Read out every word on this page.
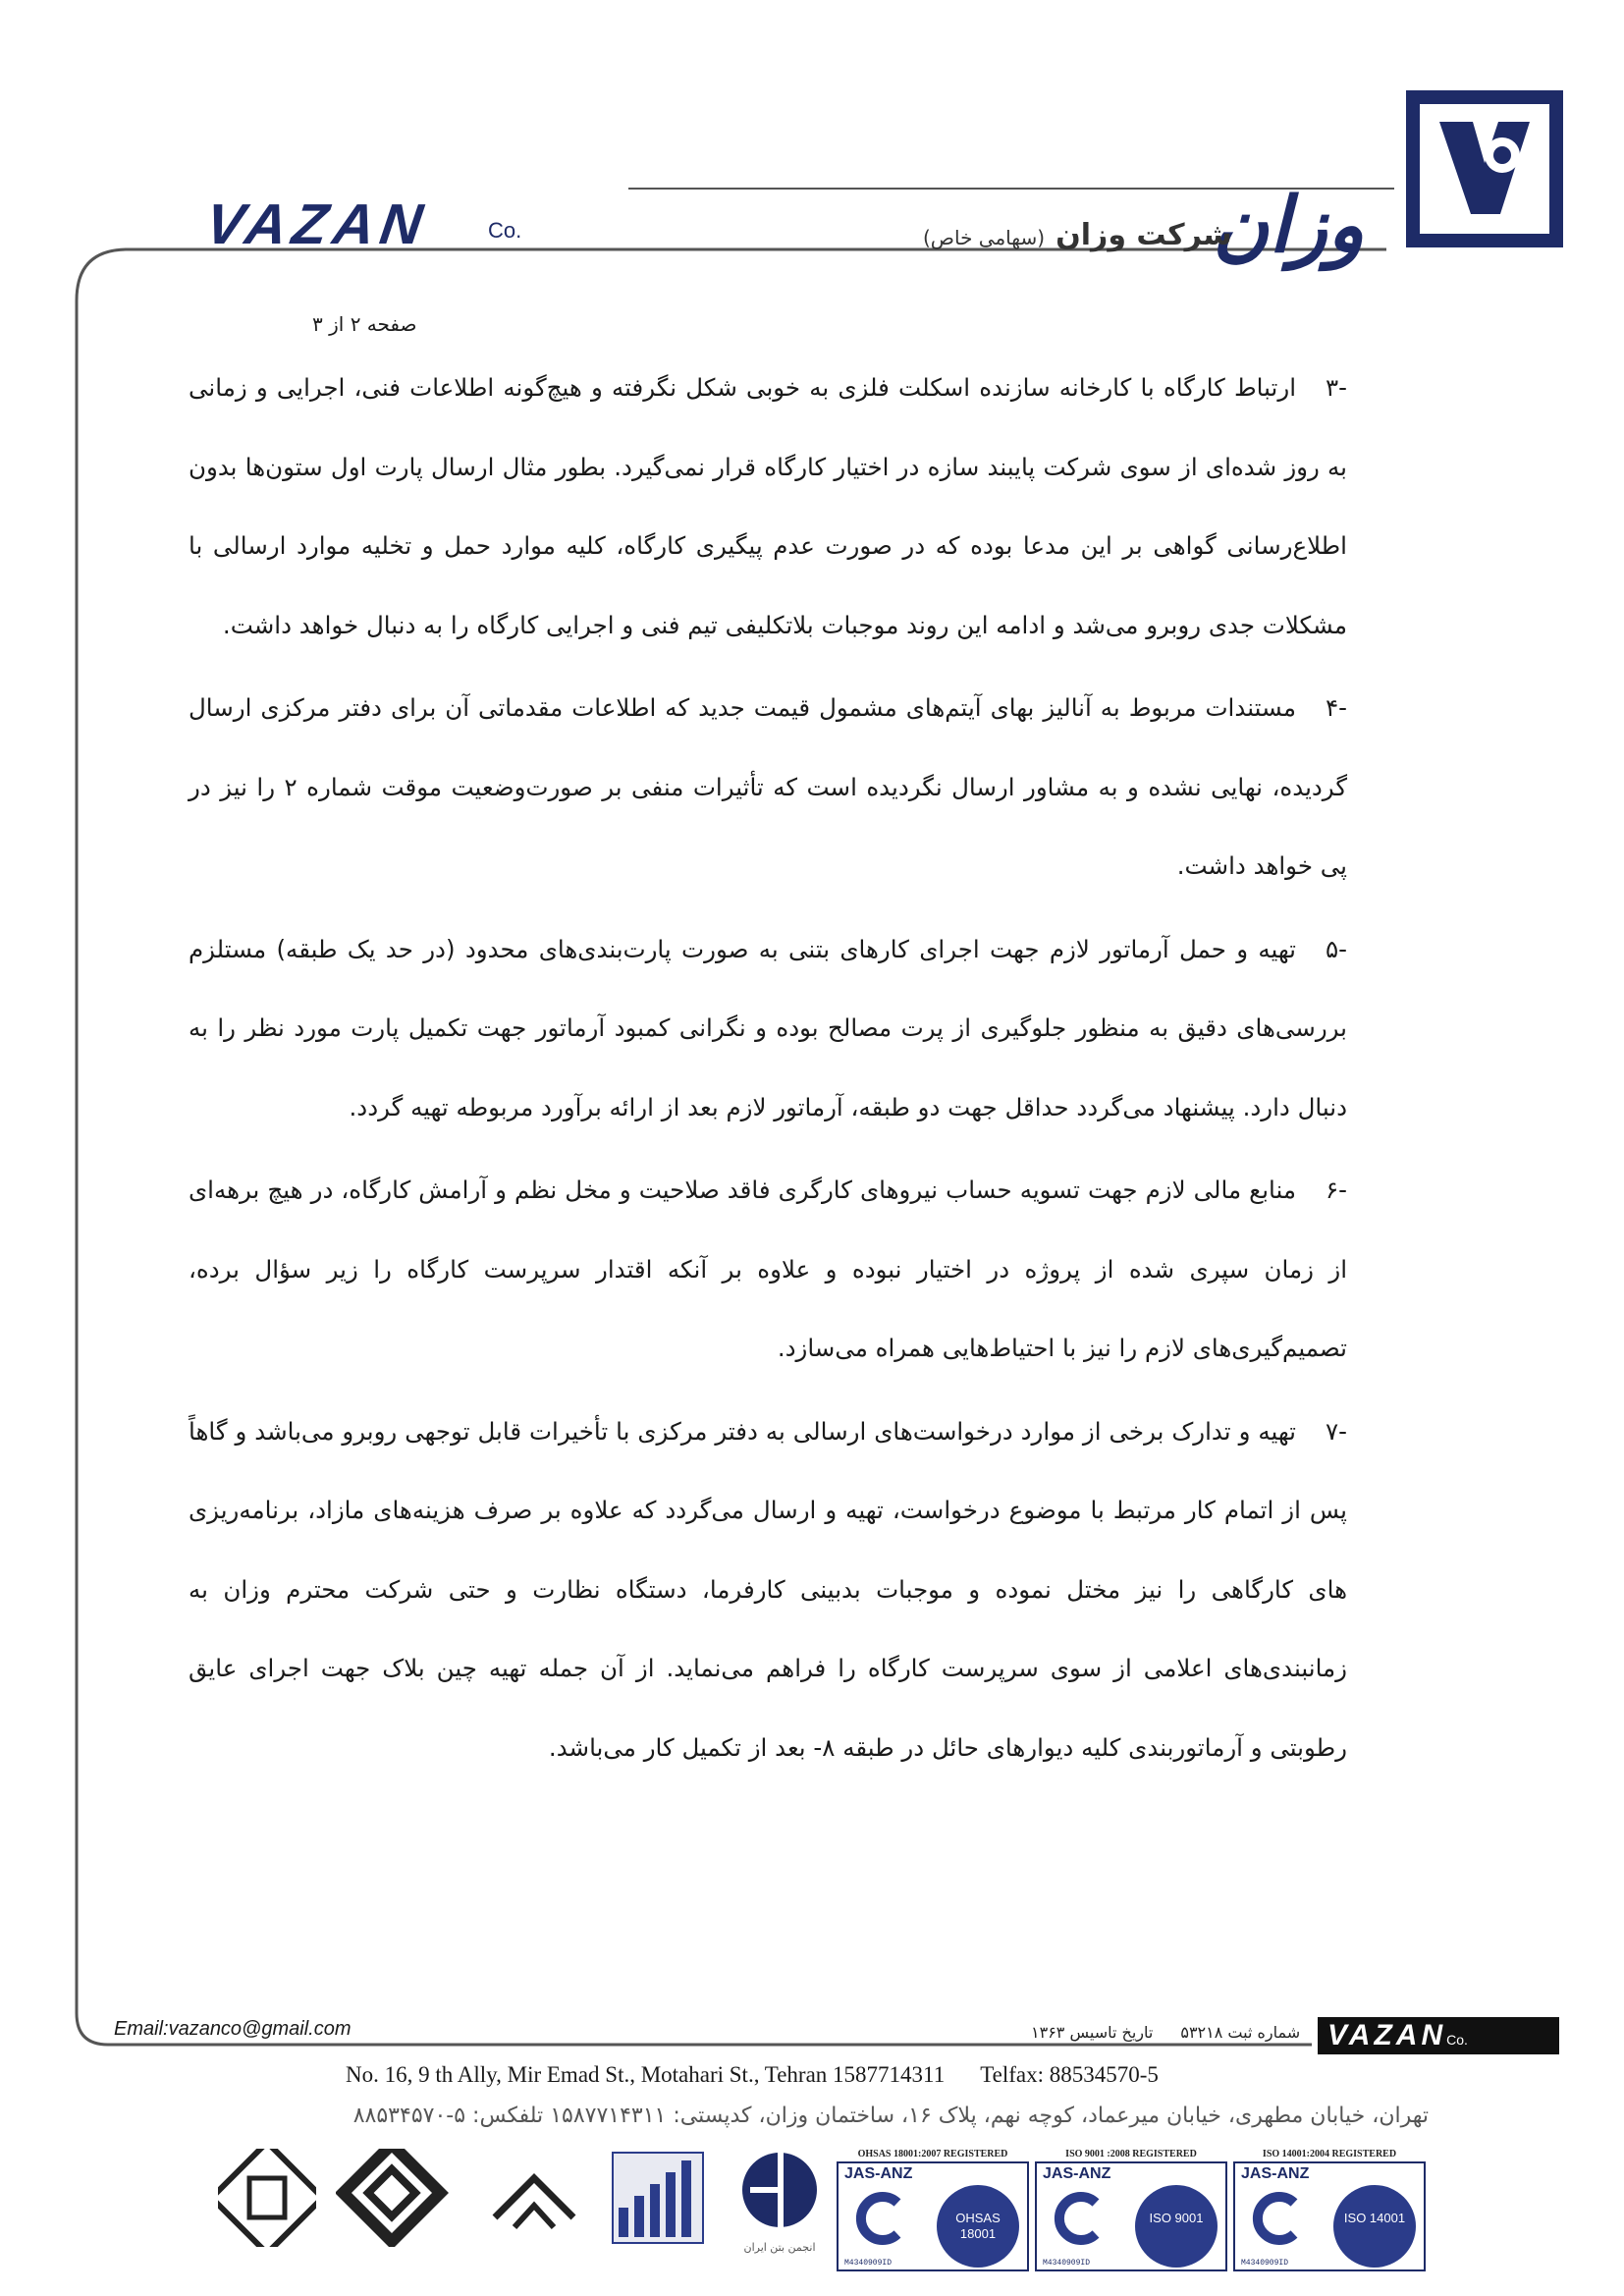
وزان
شرکت وزان (سهامی خاص)
VAZAN	Co.
صفحه ۲ از ۳

-۳ارتباط کارگاه با کارخانه سازنده اسکلت فلزی به خوبی شکل نگرفته و هیچ‌گونه اطلاعات فنی، اجرایی و زمانی به روز شده‌ای از سوی شرکت پایبند سازه در اختیار کارگاه قرار نمی‌گیرد. بطور مثال ارسال پارت اول ستون‌ها بدون اطلاع‌رسانی گواهی بر این مدعا بوده که در صورت عدم پیگیری کارگاه، کلیه موارد حمل و تخلیه موارد ارسالی با مشکلات جدی روبرو می‌شد و ادامه این روند موجبات بلاتکلیفی تیم فنی و اجرایی کارگاه را به دنبال خواهد داشت.

-۴مستندات مربوط به آنالیز بهای آیتم‌های مشمول قیمت جدید که اطلاعات مقدماتی آن برای دفتر مرکزی ارسال گردیده، نهایی نشده و به مشاور ارسال نگردیده است که تأثیرات منفی بر صورت‌وضعیت موقت شماره ۲ را نیز در پی خواهد داشت.

-۵تهیه و حمل آرماتور لازم جهت اجرای کارهای بتنی به صورت پارت‌بندی‌های محدود (در حد یک طبقه) مستلزم بررسی‌های دقیق به منظور جلوگیری از پرت مصالح بوده و نگرانی کمبود آرماتور جهت تکمیل پارت مورد نظر را به دنبال دارد. پیشنهاد می‌گردد حداقل جهت دو طبقه، آرماتور لازم بعد از ارائه برآورد مربوطه تهیه گردد.

-۶منابع مالی لازم جهت تسویه حساب نیروهای کارگری فاقد صلاحیت و مخل نظم و آرامش کارگاه، در هیچ برهه‌ای از زمان سپری شده از پروژه در اختیار نبوده و علاوه بر آنکه اقتدار سرپرست کارگاه را زیر سؤال برده، تصمیم‌گیری‌های لازم را نیز با احتیاط‌هایی همراه می‌سازد.

-۷تهیه و تدارک برخی از موارد درخواست‌های ارسالی به دفتر مرکزی با تأخیرات قابل توجهی روبرو می‌باشد و گاهاً پس از اتمام کار مرتبط با موضوع درخواست، تهیه و ارسال می‌گردد که علاوه بر صرف هزینه‌های مازاد، برنامه‌ریزی های کارگاهی را نیز مختل نموده و موجبات بدبینی کارفرما، دستگاه نظارت و حتی شرکت محترم وزان به زمانبندی‌های اعلامی از سوی سرپرست کارگاه را فراهم می‌نماید. از آن جمله تهیه چین بلاک جهت اجرای عایق رطوبتی و آرماتوربندی کلیه دیوارهای حائل در طبقه ۸- بعد از تکمیل کار می‌باشد.

Email:vazanco@gmail.com	شماره ثبت ۵۳۲۱۸تاریخ تاسیس ۱۳۶۳	VAZANCo.
No. 16, 9 th Ally, Mir Emad St., Motahari St., Tehran 1587714311 Telfax: 88534570-5
تهران، خیابان مطهری، خیابان میرعماد، کوچه نهم، پلاک ۱۶، ساختمان وزان، کدپستی: ۱۵۸۷۷۱۴۳۱۱ تلفکس: ۵-۸۸۵۳۴۵۷۰
انجمن بتن ایران
OHSAS 18001:2007 REGISTERED
JAS-ANZ
OHSAS 18001
M4340909ID
ISO 9001 :2008 REGISTERED
JAS-ANZ
ISO 9001
M4340909ID
ISO 14001:2004 REGISTERED
JAS-ANZ
ISO 14001
M4340909ID
